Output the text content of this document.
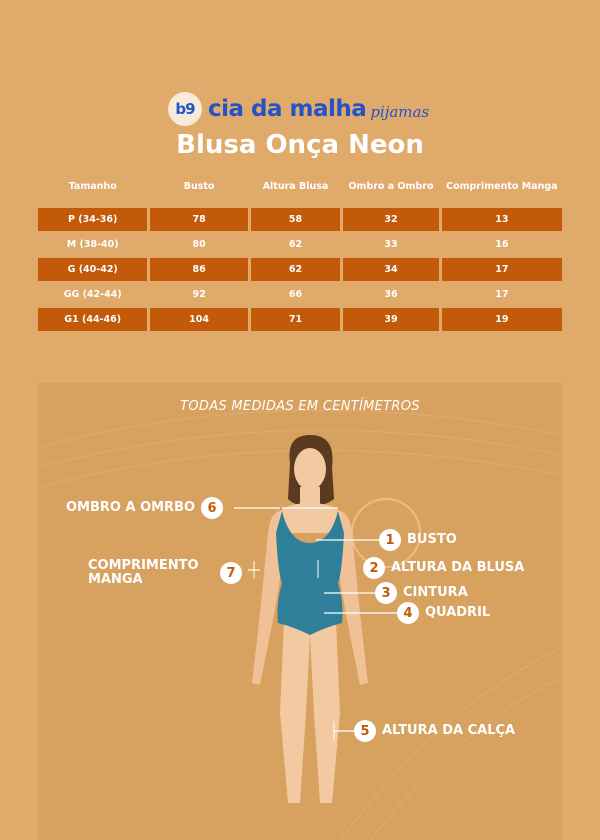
b9 cia da malha pijamas
Blusa Onça Neon
Tamanho	Busto	Altura Blusa	Ombro a Ombro	Comprimento Manga
P (34-36)	78	58	32	13
M (38-40)	80	62	33	16
G (40-42)	86	62	34	17
GG (42-44)	92	66	36	17
G1 (44-46)	104	71	39	19
TODAS MEDIDAS EM CENTÍMETROS
OMBRO A OMRBO 6
1 BUSTO
2 ALTURA DA BLUSA
COMPRIMENTO MANGA	7
3 CINTURA
4 QUADRIL
5 ALTURA DA CALÇA
